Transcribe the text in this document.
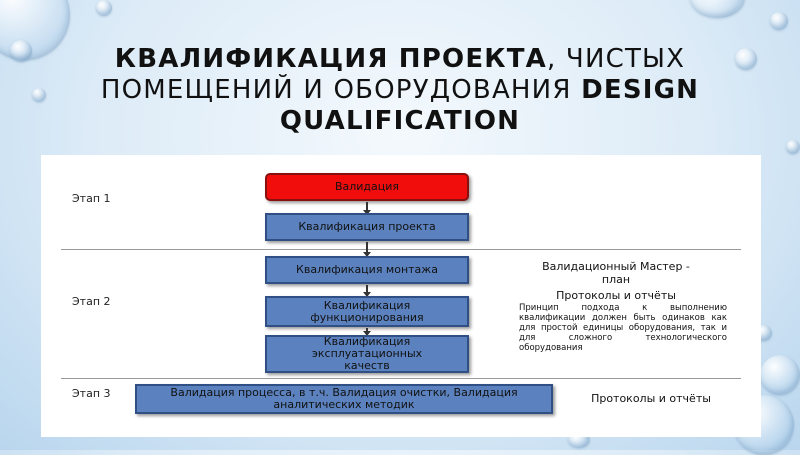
КВАЛИФИКАЦИЯ ПРОЕКТА, ЧИСТЫХ
ПОМЕЩЕНИЙ И ОБОРУДОВАНИЯ DESIGN
QUALIFICATION
Этап 1
Этап 2
Этап 3
Валидация
Квалификация проекта
Квалификация монтажа
Квалификация функционирования
Квалификация эксплуатационных качеств
Валидация процесса, в т.ч. Валидация очистки, Валидация аналитических методик
Валидационный Мастер - план
Протоколы и отчёты
Принцип подхода к выполнению квалификации должен быть одинаков как для простой единицы оборудования, так и для сложного технологического оборудования
Протоколы и отчёты
